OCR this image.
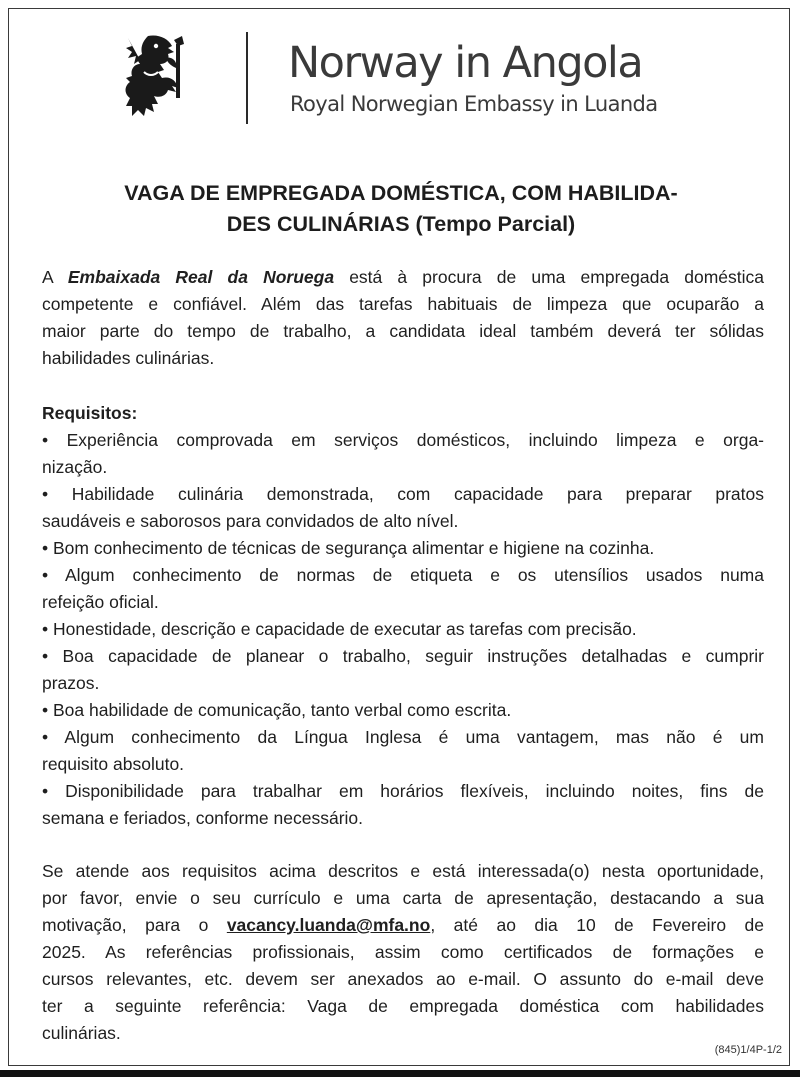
Norway in Angola
Royal Norwegian Embassy in Luanda
VAGA DE EMPREGADA DOMÉSTICA, COM HABILIDA-
DES CULINÁRIAS (Tempo Parcial)
A Embaixada Real da Noruega está à procura de uma empregada doméstica
competente e confiável. Além das tarefas habituais de limpeza que ocuparão a
maior parte do tempo de trabalho, a candidata ideal também deverá ter sólidas
habilidades culinárias.
Requisitos:
• Experiência comprovada em serviços domésticos, incluindo limpeza e orga-
nização.
• Habilidade culinária demonstrada, com capacidade para preparar pratos
saudáveis e saborosos para convidados de alto nível.
• Bom conhecimento de técnicas de segurança alimentar e higiene na cozinha.
• Algum conhecimento de normas de etiqueta e os utensílios usados numa
refeição oficial.
• Honestidade, descrição e capacidade de executar as tarefas com precisão.
• Boa capacidade de planear o trabalho, seguir instruções detalhadas e cumprir
prazos.
• Boa habilidade de comunicação, tanto verbal como escrita.
• Algum conhecimento da Língua Inglesa é uma vantagem, mas não é um
requisito absoluto.
• Disponibilidade para trabalhar em horários flexíveis, incluindo noites, fins de
semana e feriados, conforme necessário.
Se atende aos requisitos acima descritos e está interessada(o) nesta oportunidade,
por favor, envie o seu currículo e uma carta de apresentação, destacando a sua
motivação, para o vacancy.luanda@mfa.no, até ao dia 10 de Fevereiro de
2025. As referências profissionais, assim como certificados de formações e
cursos relevantes, etc. devem ser anexados ao e-mail. O assunto do e-mail deve
ter a seguinte referência: Vaga de empregada doméstica com habilidades
culinárias.
(845)1/4P-1/2
